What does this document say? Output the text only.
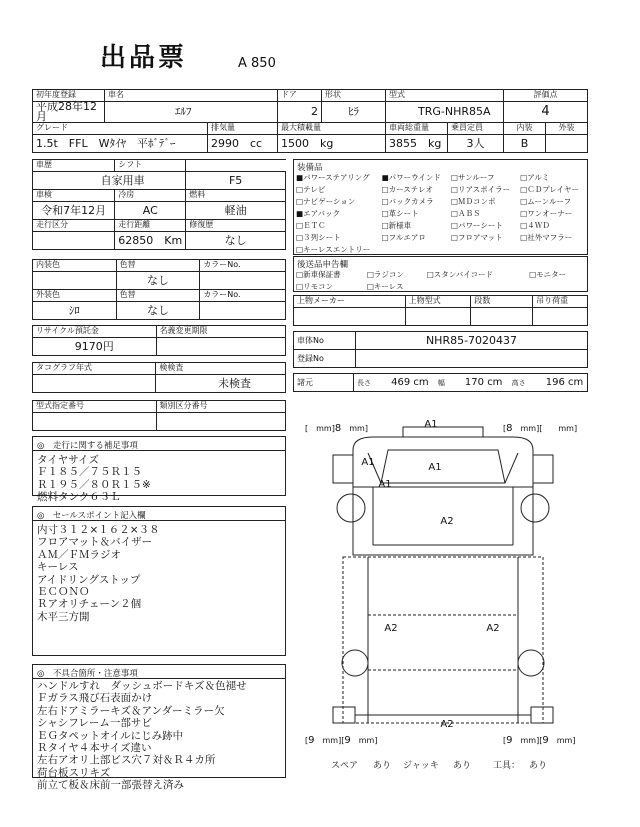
出品票	A 850
初年度登録	車名		ドア	形状	型式		評価点	
平成28年12月	ｴﾙﾌ		2	ﾋﾗ	TRG-NHR85A		4	
グレード		排気量	最大積載量		車両総重量	乗員定員	内装	外装
1.5t　FFL　Wﾀｲﾔ　平ﾎﾞﾃﾞｰ		2990　 cc	1500　 kg		3855　 kg	3人	B	
車歴	シフト	
自家用車		F5
車検	冷房	燃料
令和7年12月	AC	軽油
走行区分	走行距離	修復歴
	62850　 Km	なし
内装色	色替	カラーNo.
	なし	
外装色	色替	カラーNo.
ｼﾛ	なし	
リサイクル預託金	名義変更期限
9170円	
タコグラフ年式	検検査
	未検査
型式指定番号	類別区分番号

◎　走行に関する補足事項
タイヤサイズ
Ｆ１８５／７５Ｒ１５
Ｒ１９５／８０Ｒ１５※
燃料タンク６３Ｌ
◎　セールスポイント記入欄
内寸３１２×１６２×３８
フロアマット＆バイザー
ＡＭ／ＦＭラジオ
キーレス
アイドリングストップ
ＥＣＯＮＯ
Ｒアオリチェーン２個
木平三方開
◎　不具合箇所・注意事項
ハンドルすれ　ダッシュボードキズ＆色褪せ
Ｆガラス飛び石表面かけ
左右ドアミラーキズ＆アンダーミラー欠
シャシフレーム一部サビ
ＥＧタペットオイルにじみ跡中
Ｒタイヤ４本サイズ違い
左右アオリ上部ビス穴７対＆Ｒ４カ所
荷台板スリキズ
前立て板＆床前一部張替え済み
装備品
■パワーステアリング	■パワーウインド	□サンルーフ	□アルミ
□テレビ	□カーステレオ	□リアスポイラー	□ＣＤプレイヤー
□ナビゲーション	□バックカメラ	□ＭＤコンポ	□ムーンルーフ
■エアバック	□革シート	□ＡＢＳ	□ワンオーナー
□ＥＴＣ	□新様車	□パワーシート	□４ＷＤ
□３列シート	□フルエアロ	□フロアマット	□社外マフラー
□キーレスエントリー			
後送品申告欄
□新車保証書	□ラジコン	□スタンバイコード	□モニター
□リモコン	□キーレス		
上物メーカー	上物型式	段数	吊り荷重

車体No	NHR85-7020437
登録No	
諸元	長さ 469 cm 幅 170 cm 高さ 196 cm
A1
A1	A1
A1
A2
A2	A2
A2
[　mm]8　 mm]	[8　 mm][　　mm]
[9　 mm][9　 mm]	[9　 mm][9　 mm]
スペア あり ジャッキ あり 工具： あり
